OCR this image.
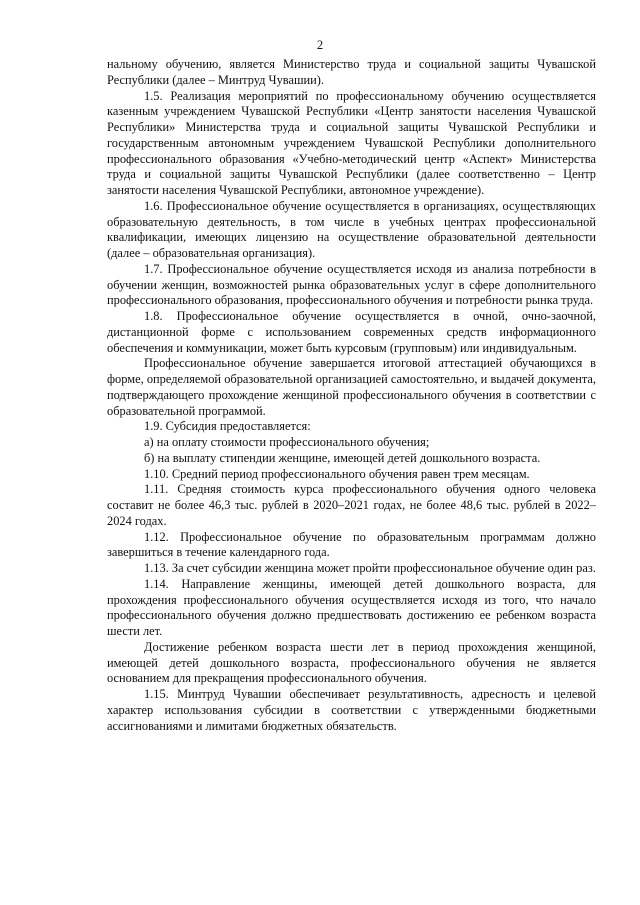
2

нальному обучению, является Министерство труда и социальной защиты Чувашской Республики (далее – Минтруд Чувашии).

1.5. Реализация мероприятий по профессиональному обучению осуществляется казенным учреждением Чувашской Республики «Центр занятости населения Чувашской Республики» Министерства труда и социальной защиты Чувашской Республики и государственным автономным учреждением Чувашской Республики дополнительного профессионального образования «Учебно-методический центр «Аспект» Министерства труда и социальной защиты Чувашской Республики (далее соответственно – Центр занятости населения Чувашской Республики, автономное учреждение).

1.6. Профессиональное обучение осуществляется в организациях, осуществляющих образовательную деятельность, в том числе в учебных центрах профессиональной квалификации, имеющих лицензию на осуществление образовательной деятельности (далее – образовательная организация).

1.7. Профессиональное обучение осуществляется исходя из анализа потребности в обучении женщин, возможностей рынка образовательных услуг в сфере дополнительного профессионального образования, профессионального обучения и потребности рынка труда.

1.8. Профессиональное обучение осуществляется в очной, очно-заочной, дистанционной форме с использованием современных средств информационного обеспечения и коммуникации, может быть курсовым (групповым) или индивидуальным.

Профессиональное обучение завершается итоговой аттестацией обучающихся в форме, определяемой образовательной организацией самостоятельно, и выдачей документа, подтверждающего прохождение женщиной профессионального обучения в соответствии с образовательной программой.

1.9. Субсидия предоставляется:

а) на оплату стоимости профессионального обучения;

б) на выплату стипендии женщине, имеющей детей дошкольного возраста.

1.10. Средний период профессионального обучения равен трем месяцам.

1.11. Средняя стоимость курса профессионального обучения одного человека составит не более 46,3 тыс. рублей в 2020–2021 годах, не более 48,6 тыс. рублей в 2022–2024 годах.

1.12. Профессиональное обучение по образовательным программам должно завершиться в течение календарного года.

1.13. За счет субсидии женщина может пройти профессиональное обучение один раз.

1.14. Направление женщины, имеющей детей дошкольного возраста, для прохождения профессионального обучения осуществляется исходя из того, что начало профессионального обучения должно предшествовать достижению ее ребенком возраста шести лет.

Достижение ребенком возраста шести лет в период прохождения женщиной, имеющей детей дошкольного возраста, профессионального обучения не является основанием для прекращения профессионального обучения.

1.15. Минтруд Чувашии обеспечивает результативность, адресность и целевой характер использования субсидии в соответствии с утвержденными бюджетными ассигнованиями и лимитами бюджетных обязательств.
